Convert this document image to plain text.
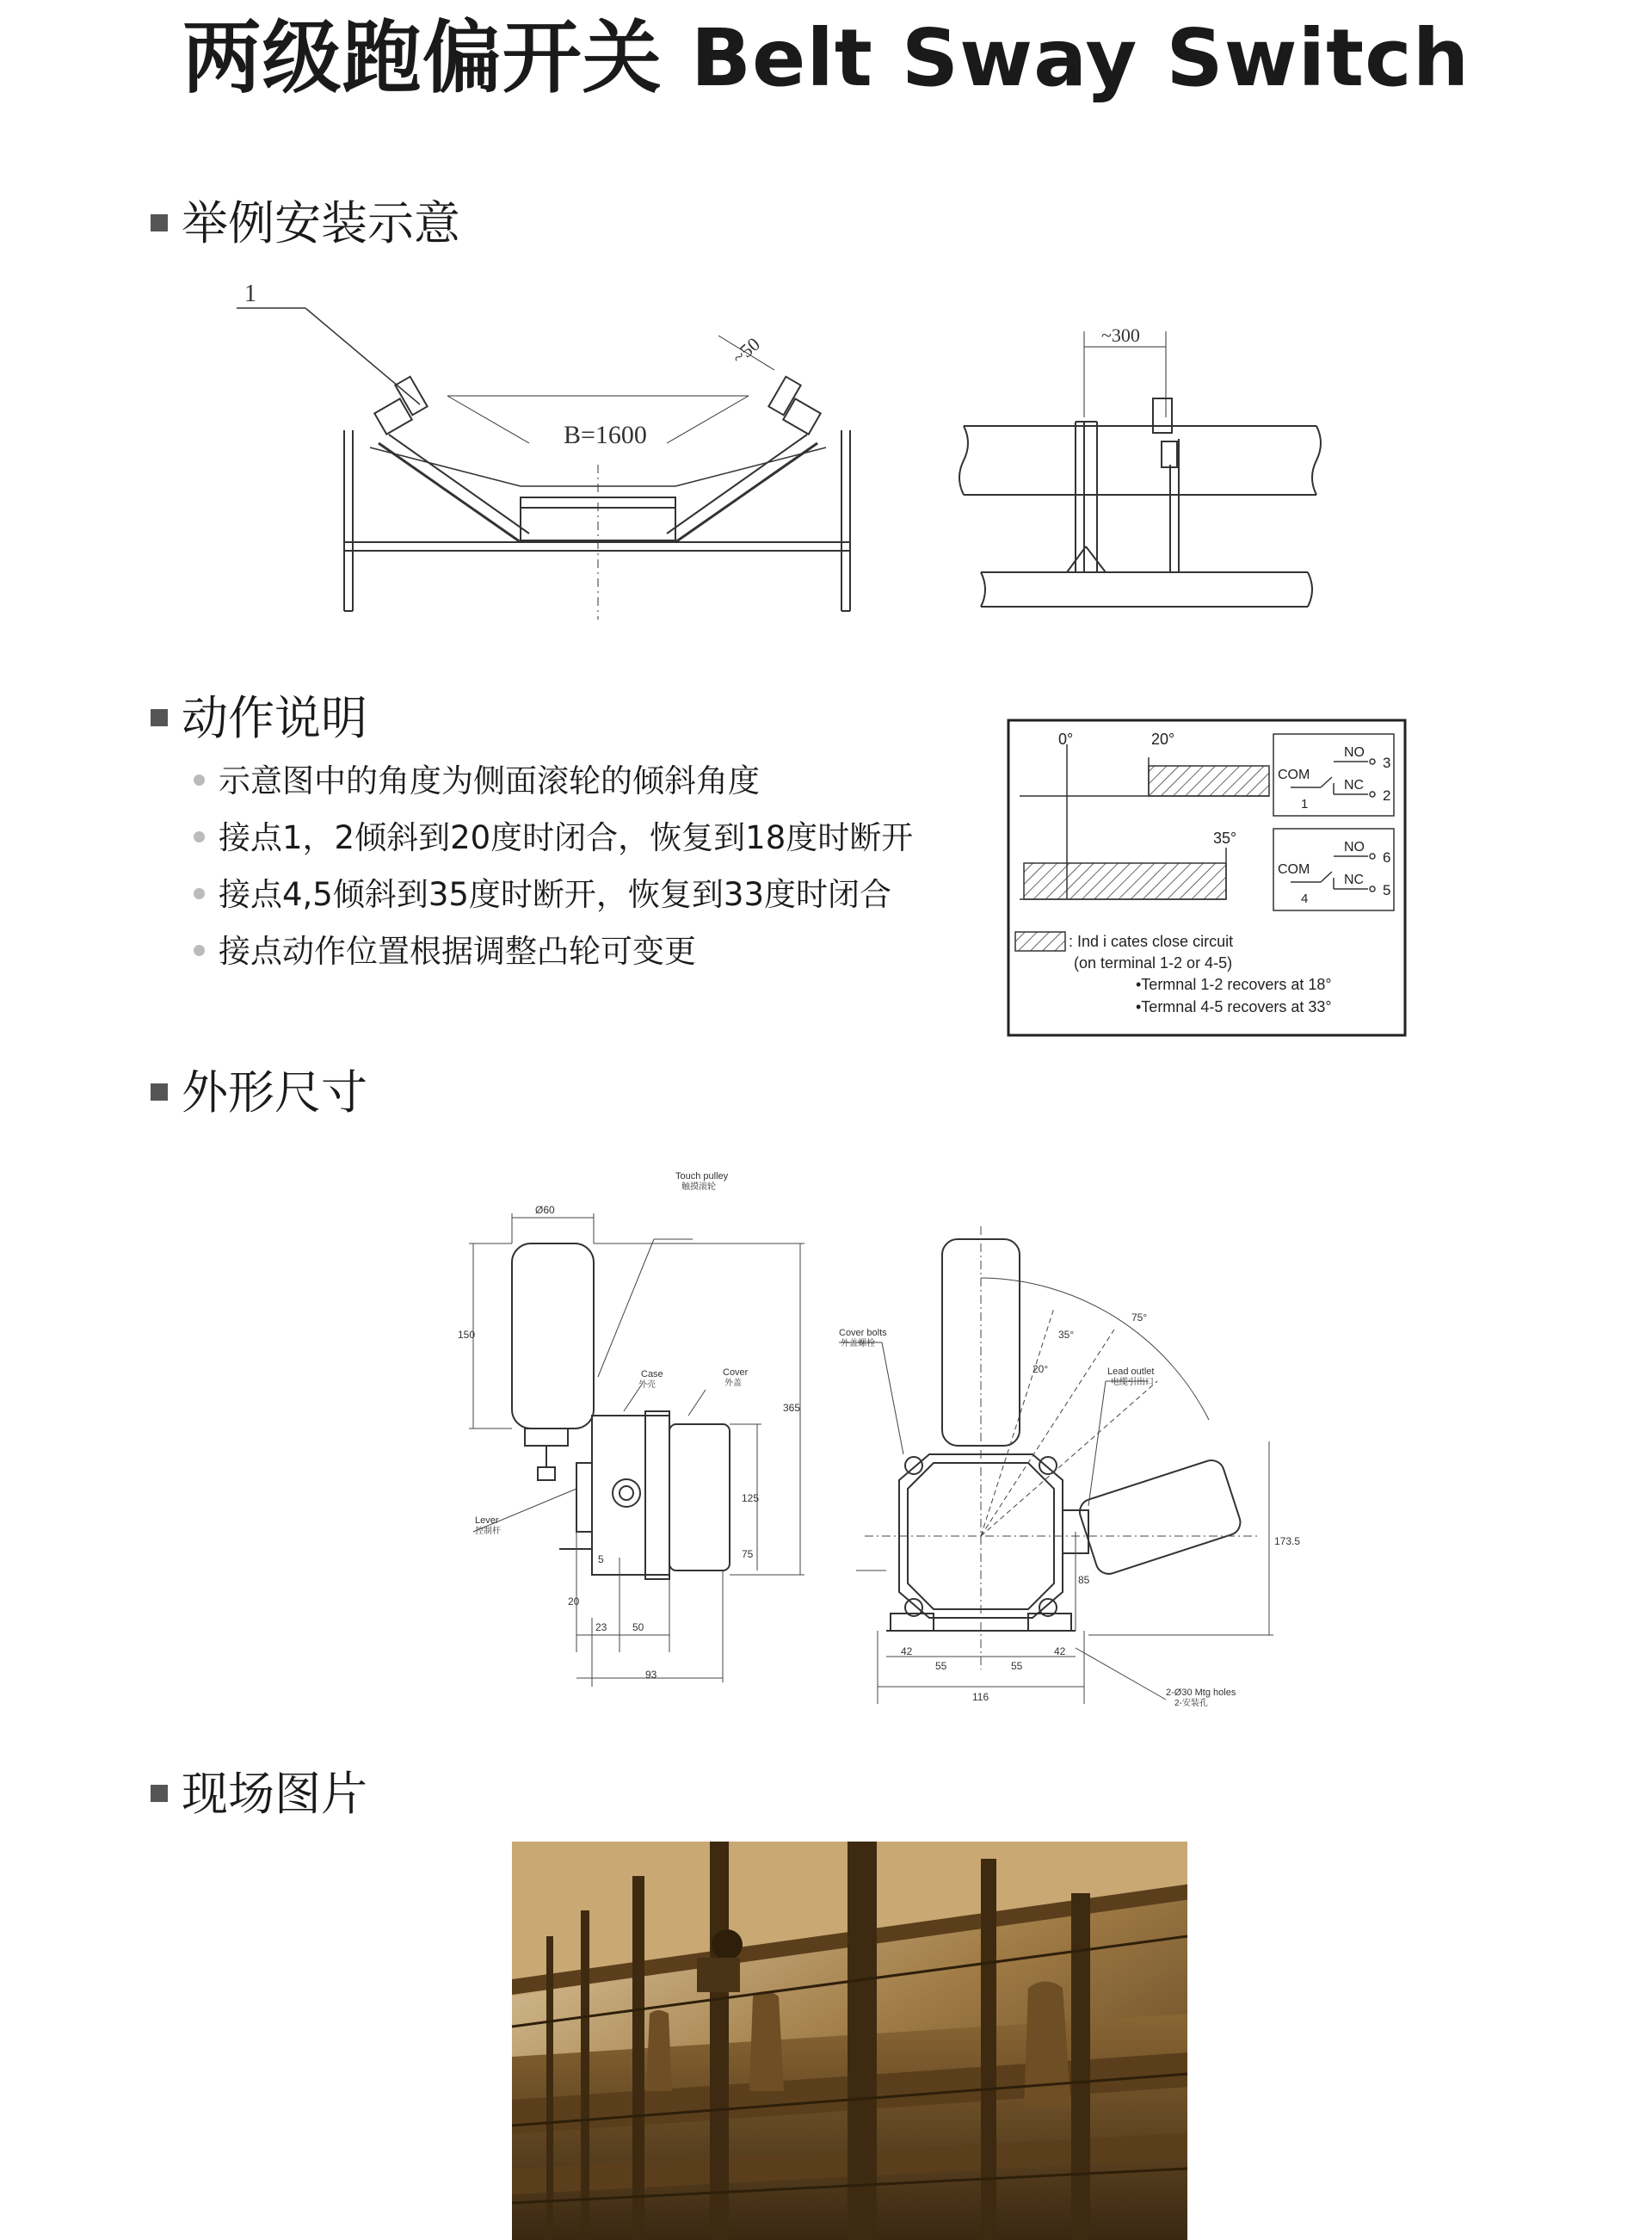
两级跑偏开关 Belt Sway Switch
举例安装示意
1
B=1600
~50	~300
动作说明
示意图中的角度为侧面滚轮的倾斜角度
接点1，2倾斜到20度时闭合，恢复到18度时断开
接点4,5倾斜到35度时断开，恢复到33度时闭合
接点动作位置根据调整凸轮可变更
0°	20°
35°
COM
NO
NC
1
2
3
COM
NO
NC
4
5
6
: Ind i cates close circuit
(on terminal 1-2 or 4-5)
•Termnal 1-2 recovers at 18°
•Termnal 4-5 recovers at 33°
外形尺寸
Ø60
150
365
125
75
23 50
93
20
5
Touch pulley
触摸滚轮
Case
外壳
Cover
外盖
Lever
控制杆
20°
35°
75°
42	42
55	55
116
85
173.5
Cover bolts
外盖螺栓
Lead outlet
电缆引出口
2-Ø30 Mtg holes
2-安装孔
现场图片
